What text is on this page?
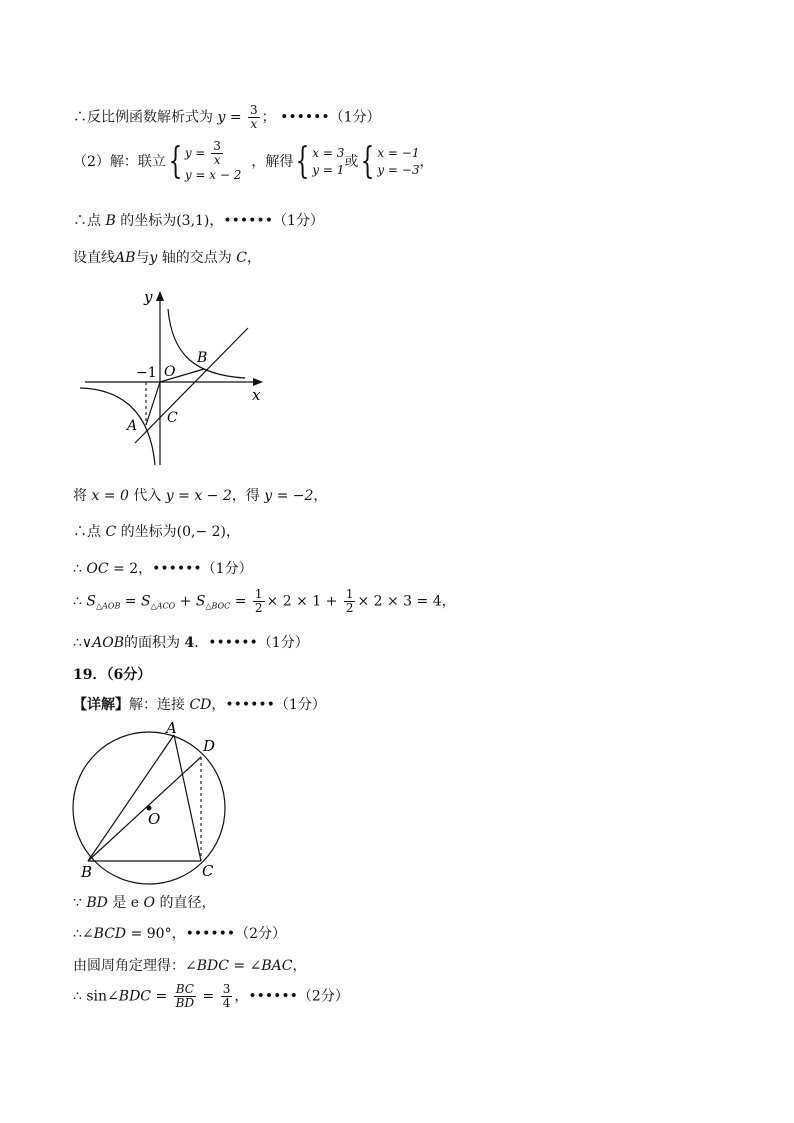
∴反比例函数解析式为 $y = \frac{3}{x}$ ； ••••••（1分）
（2）解：联立{ $y = \frac{3}{x}$
y = x − 2
，解得{ x = 3
y = 1 或{ x = −1
y = −3 ，
∴点 B 的坐标为(3,1)，••••••（1分）
设直线AB与y 轴的交点为 C，
y
x
O
B
A C
−1
将 x = 0 代入 y = x − 2，得 y = −2，
∴点 C 的坐标为(0,− 2)，
∴ OC = 2，••••••（1分）
∴ $S_{\triangle AOB} = S_{\triangle ACO} + S_{\triangle BOC} = \frac{1}{2} \times 2 \times 1 + \frac{1}{2} \times 2 \times 3 = 4$，
∴∨AOB的面积为 4．••••••（1分）
19．（6分）
【详解】解：连接 CD，••••••（1分）
A
D
O
B	C
∵ BD 是 e O 的直径，
∴∠BCD = 90°，••••••（2分）
由圆周角定理得：∠BDC = ∠BAC，
∴ sin∠BDC = $\frac{BC}{BD} = \frac{3}{4}$ ，••••••（2分）
